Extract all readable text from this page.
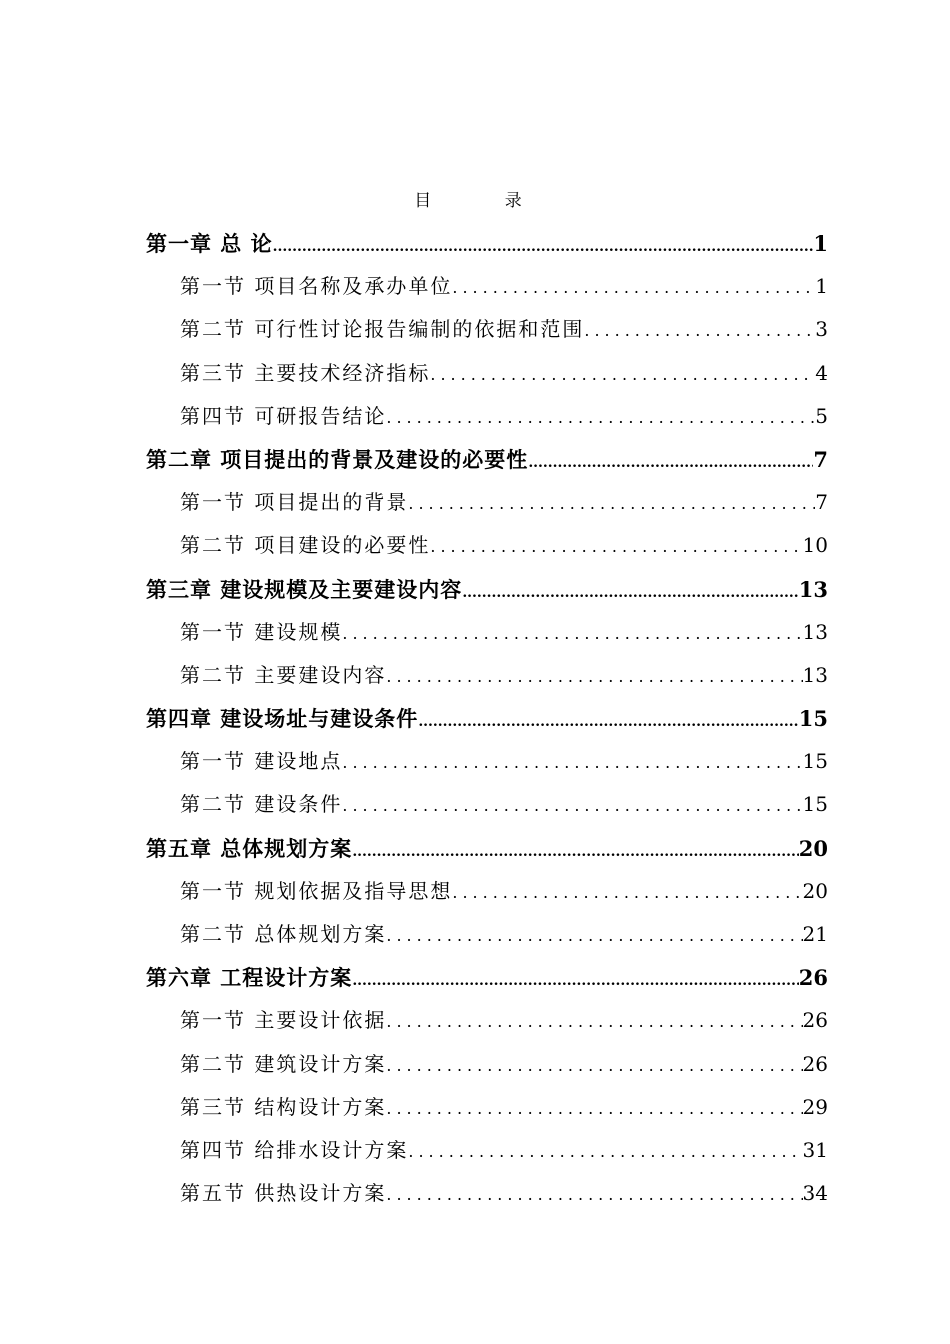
目 录
第一章 总 论 .....	1
第一节 项目名称及承办单位 .....	1
第二节 可行性讨论报告编制的依据和范围 .....	3
第三节 主要技术经济指标 .....	4
第四节 可研报告结论 .....	5
第二章 项目提出的背景及建设的必要性 .....	7
第一节 项目提出的背景 .....	7
第二节 项目建设的必要性 .....	10
第三章 建设规模及主要建设内容 .....	13
第一节 建设规模 .....	13
第二节 主要建设内容 .....	13
第四章 建设场址与建设条件 .....	15
第一节 建设地点 .....	15
第二节 建设条件 .....	15
第五章 总体规划方案 .....	20
第一节 规划依据及指导思想 .....	20
第二节 总体规划方案 .....	21
第六章 工程设计方案 .....	26
第一节 主要设计依据 .....	26
第二节 建筑设计方案 .....	26
第三节 结构设计方案 .....	29
第四节 给排水设计方案 .....	31
第五节 供热设计方案 .....	34
